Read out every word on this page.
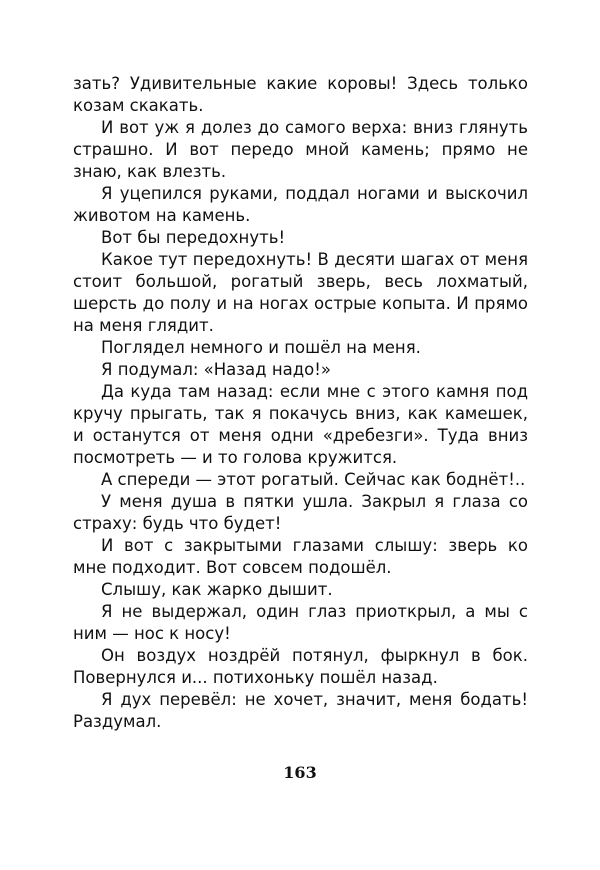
зать? Удивительные какие коровы! Здесь только козам скакать.

И вот уж я долез до самого верха: вниз глянуть страшно. И вот передо мной камень; прямо не знаю, как влезть.

Я уцепился руками, поддал ногами и выскочил животом на камень.

Вот бы передохнуть!

Какое тут передохнуть! В десяти шагах от меня стоит большой, рогатый зверь, весь лохматый, шерсть до полу и на ногах острые копыта. И прямо на меня глядит.

Поглядел немного и пошёл на меня.

Я подумал: «Назад надо!»

Да куда там назад: если мне с этого камня под кручу прыгать, так я покачусь вниз, как камешек, и останутся от меня одни «дребезги». Туда вниз посмотреть — и то голова кружится.

А спереди — этот рогатый. Сейчас как боднёт!..

У меня душа в пятки ушла. Закрыл я глаза со страху: будь что будет!

И вот с закрытыми глазами слышу: зверь ко мне подходит. Вот совсем подошёл.

Слышу, как жарко дышит.

Я не выдержал, один глаз приоткрыл, а мы с ним — нос к носу!

Он воздух ноздрёй потянул, фыркнул в бок. Повернулся и... потихоньку пошёл назад.

Я дух перевёл: не хочет, значит, меня бодать! Раздумал.

163
